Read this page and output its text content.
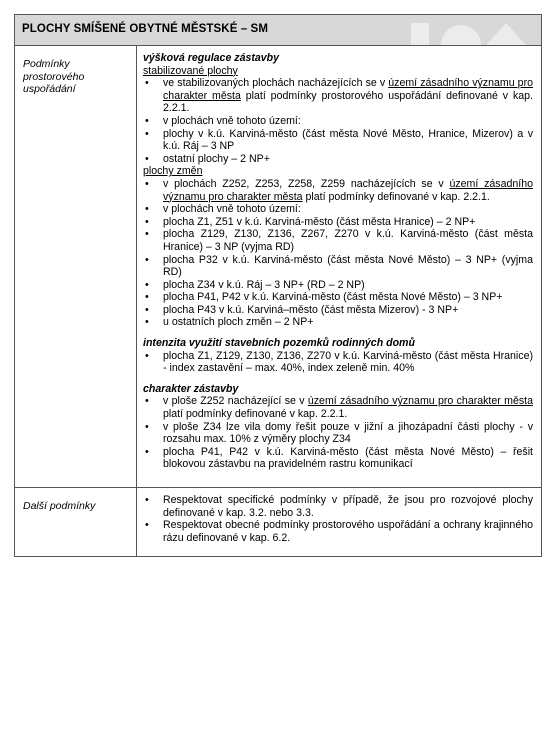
PLOCHY SMÍŠENÉ OBYTNÉ MĚSTSKÉ – SM
Podmínky prostorového uspořádání
výšková regulace zástavby
stabilizované plochy
• ve stabilizovaných plochách nacházejících se v území zásadního významu pro charakter města platí podmínky prostorového uspořádání definované v kap. 2.2.1.
• v plochách vně tohoto území:
• plochy v k.ú. Karviná-město (část města Nové Město, Hranice, Mizerov) a v k.ú. Ráj – 3 NP
• ostatní plochy – 2 NP+
plochy změn
• v plochách Z252, Z253, Z258, Z259 nacházejících se v území zásadního významu pro charakter města platí podmínky definované v kap. 2.2.1.
• v plochách vně tohoto území:
• plocha Z1, Z51 v k.ú. Karviná-město (část města Hranice) – 2 NP+
• plocha Z129, Z130, Z136, Z267, Z270 v k.ú. Karviná-město (část města Hranice) – 3 NP (vyjma RD)
• plocha P32 v k.ú. Karviná-město (část města Nové Město) – 3 NP+ (vyjma RD)
• plocha Z34 v k.ú. Ráj – 3 NP+ (RD – 2 NP)
• plocha P41, P42 v k.ú. Karviná-město (část města Nové Město) – 3 NP+
• plocha P43 v k.ú. Karviná–město (část města Mizerov) - 3 NP+
• u ostatních ploch změn – 2 NP+
intenzita využití stavebních pozemků rodinných domů
• plocha Z1, Z129, Z130, Z136, Z270 v k.ú. Karviná-město (část města Hranice) - index zastavění – max. 40%, index zeleně min. 40%
charakter zástavby
• v ploše Z252 nacházející se v území zásadního významu pro charakter města platí podmínky definované v kap. 2.2.1.
• v ploše Z34 lze vila domy řešit pouze v jižní a jihozápadní části plochy - v rozsahu max. 10% z výměry plochy Z34
• plocha P41, P42 v k.ú. Karviná-město (část města Nové Město) – řešit blokovou zástavbu na pravidelném rastru komunikací
Další podmínky
•	Respektovat specifické podmínky v případě, že jsou pro rozvojové plochy definované v kap. 3.2. nebo 3.3.
• Respektovat obecné podmínky prostorového uspořádání a ochrany krajinného rázu definované v kap. 6.2.
